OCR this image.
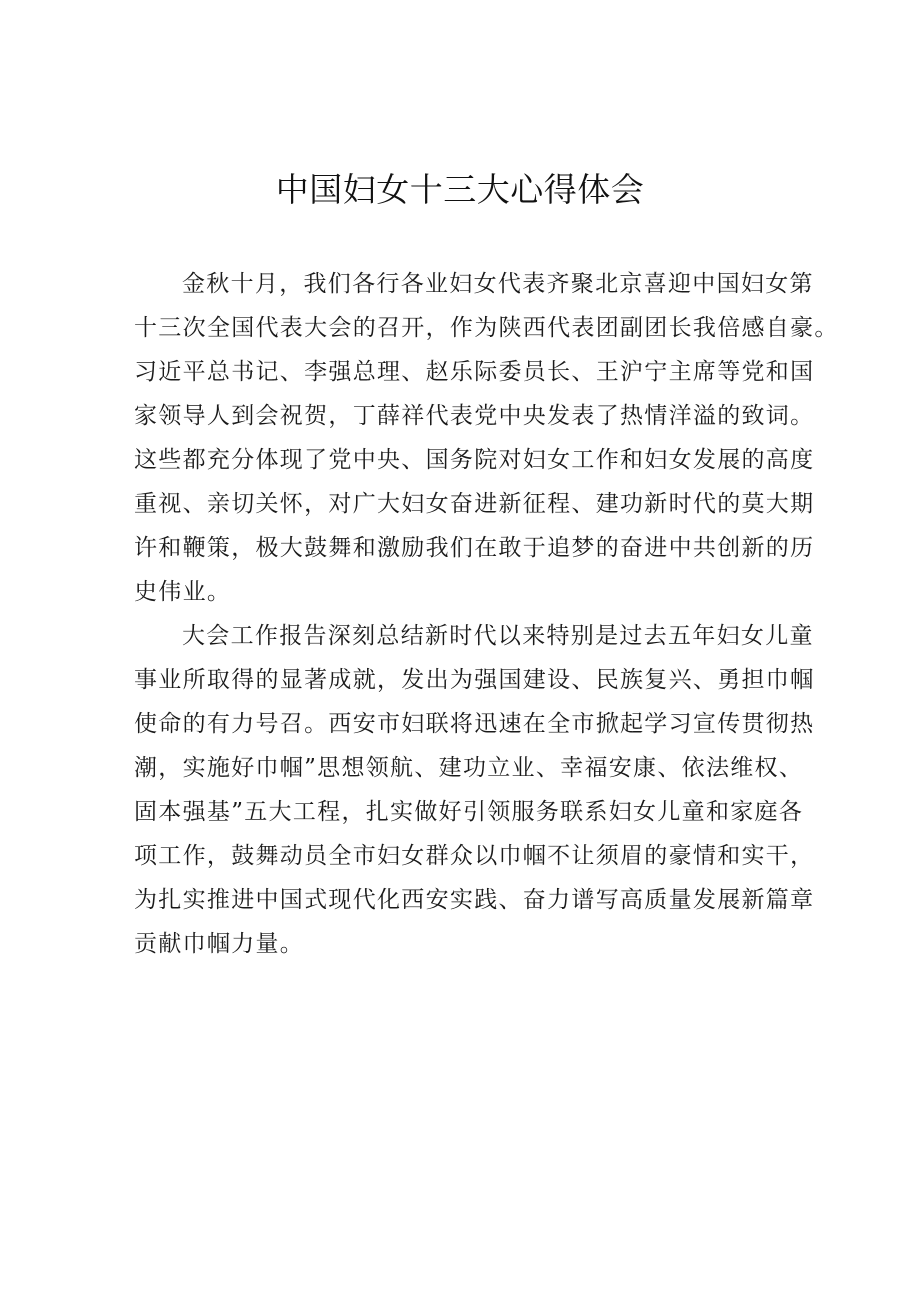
中国妇女十三大心得体会

金秋十月，我们各行各业妇女代表齐聚北京喜迎中国妇女第
十三次全国代表大会的召开，作为陕西代表团副团长我倍感自豪。
习近平总书记、李强总理、赵乐际委员长、王沪宁主席等党和国
家领导人到会祝贺，丁薛祥代表党中央发表了热情洋溢的致词。
这些都充分体现了党中央、国务院对妇女工作和妇女发展的高度
重视、亲切关怀，对广大妇女奋进新征程、建功新时代的莫大期
许和鞭策，极大鼓舞和激励我们在敢于追梦的奋进中共创新的历
史伟业。

大会工作报告深刻总结新时代以来特别是过去五年妇女儿童
事业所取得的显著成就，发出为强国建设、民族复兴、勇担巾帼
使命的有力号召。西安市妇联将迅速在全市掀起学习宣传贯彻热
潮，实施好巾帼”思想领航、建功立业、幸福安康、依法维权、
固本强基”五大工程，扎实做好引领服务联系妇女儿童和家庭各
项工作，鼓舞动员全市妇女群众以巾帼不让须眉的豪情和实干，
为扎实推进中国式现代化西安实践、奋力谱写高质量发展新篇章
贡献巾帼力量。
